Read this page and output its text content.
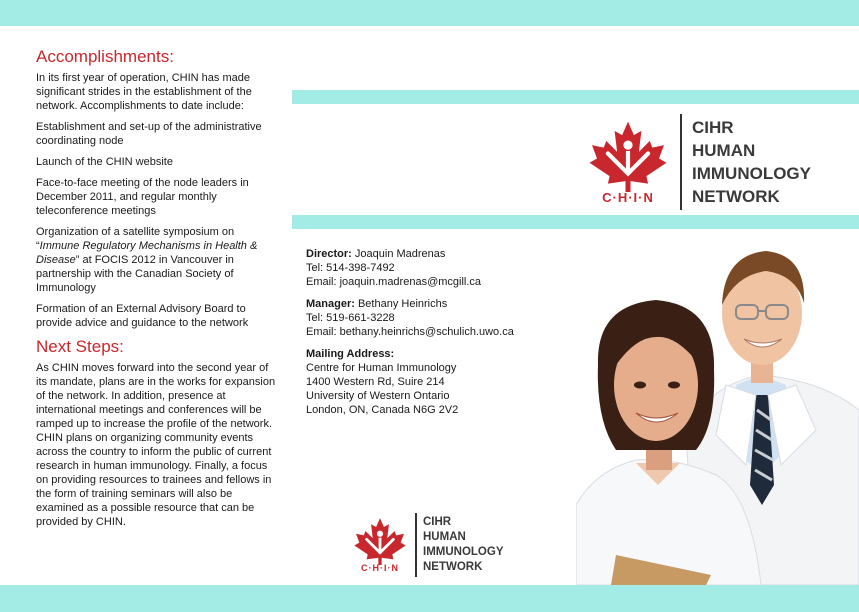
Accomplishments:

In its first year of operation, CHIN has made significant strides in the establishment of the network. Accomplishments to date include:

Establishment and set-up of the administrative coordinating node

Launch of the CHIN website

Face-to-face meeting of the node leaders in December 2011, and regular monthly teleconference meetings

Organization of a satellite symposium on “Immune Regulatory Mechanisms in Health & Disease” at FOCIS 2012 in Vancouver in partnership with the Canadian Society of Immunology

Formation of an External Advisory Board to provide advice and guidance to the network

Next Steps:

As CHIN moves forward into the second year of its mandate, plans are in the works for expansion of the network. In addition, presence at international meetings and conferences will be ramped up to increase the profile of the network. CHIN plans on organizing community events across the country to inform the public of current research in human immunology. Finally, a focus on providing resources to trainees and fellows in the form of training seminars will also be examined as a possible resource that can be provided by CHIN.

C·H·I·N
CIHR
HUMAN
IMMUNOLOGY
NETWORK
Director: Joaquin Madrenas
Tel: 514-398-7492
Email: joaquin.madrenas@mcgill.ca
Manager: Bethany Heinrichs
Tel: 519-661-3228
Email: bethany.heinrichs@schulich.uwo.ca
Mailing Address:
Centre for Human Immunology
1400 Western Rd, Suire 214
University of Western Ontario
London, ON, Canada N6G 2V2
C·H·I·N
CIHR
HUMAN
IMMUNOLOGY
NETWORK
